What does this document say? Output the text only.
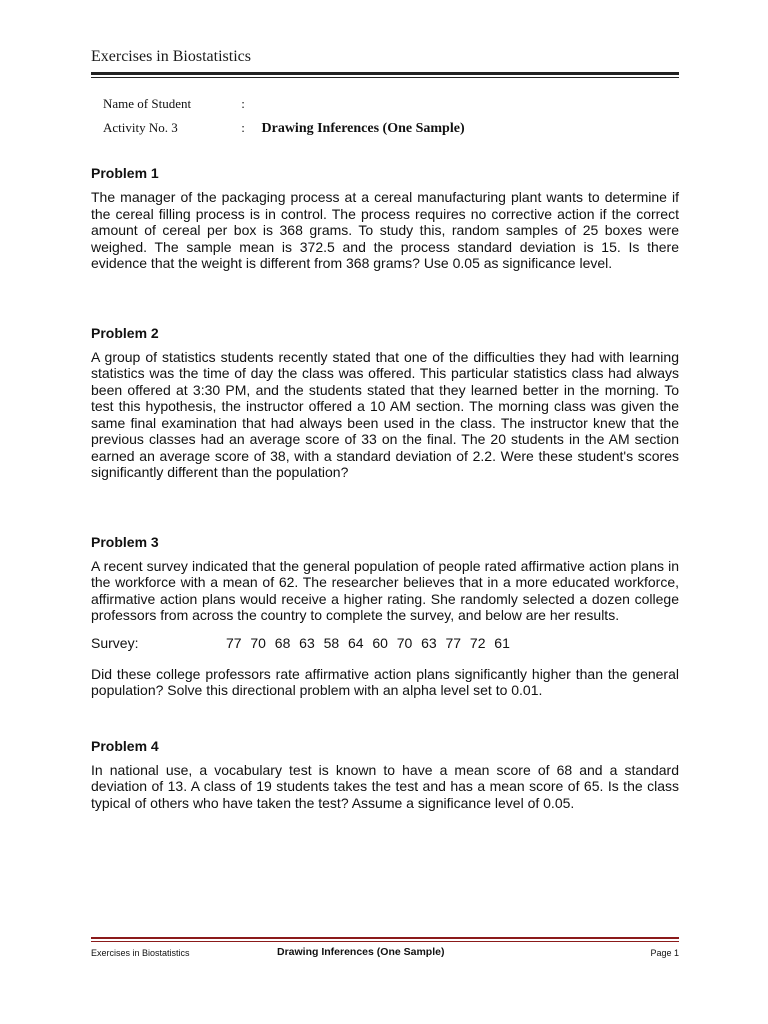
Exercises in Biostatistics
Name of Student	:
Activity No. 3	: Drawing Inferences (One Sample)
Problem 1

The manager of the packaging process at a cereal manufacturing plant wants to determine if the cereal filling process is in control. The process requires no corrective action if the correct amount of cereal per box is 368 grams. To study this, random samples of 25 boxes were weighed. The sample mean is 372.5 and the process standard deviation is 15. Is there evidence that the weight is different from 368 grams? Use 0.05 as significance level.

Problem 2

A group of statistics students recently stated that one of the difficulties they had with learning statistics was the time of day the class was offered. This particular statistics class had always been offered at 3:30 PM, and the students stated that they learned better in the morning. To test this hypothesis, the instructor offered a 10 AM section. The morning class was given the same final examination that had always been used in the class. The instructor knew that the previous classes had an average score of 33 on the final. The 20 students in the AM section earned an average score of 38, with a standard deviation of 2.2. Were these student's scores significantly different than the population?

Problem 3

A recent survey indicated that the general population of people rated affirmative action plans in the workforce with a mean of 62. The researcher believes that in a more educated workforce, affirmative action plans would receive a higher rating. She randomly selected a dozen college professors from across the country to complete the survey, and below are her results.

Survey:	77 70 68 63 58 64 60 70 63 77 72 61

Did these college professors rate affirmative action plans significantly higher than the general population? Solve this directional problem with an alpha level set to 0.01.

Problem 4

In national use, a vocabulary test is known to have a mean score of 68 and a standard deviation of 13. A class of 19 students takes the test and has a mean score of 65. Is the class typical of others who have taken the test? Assume a significance level of 0.05.

Exercises in Biostatistics	Drawing Inferences (One Sample)	Page 1
